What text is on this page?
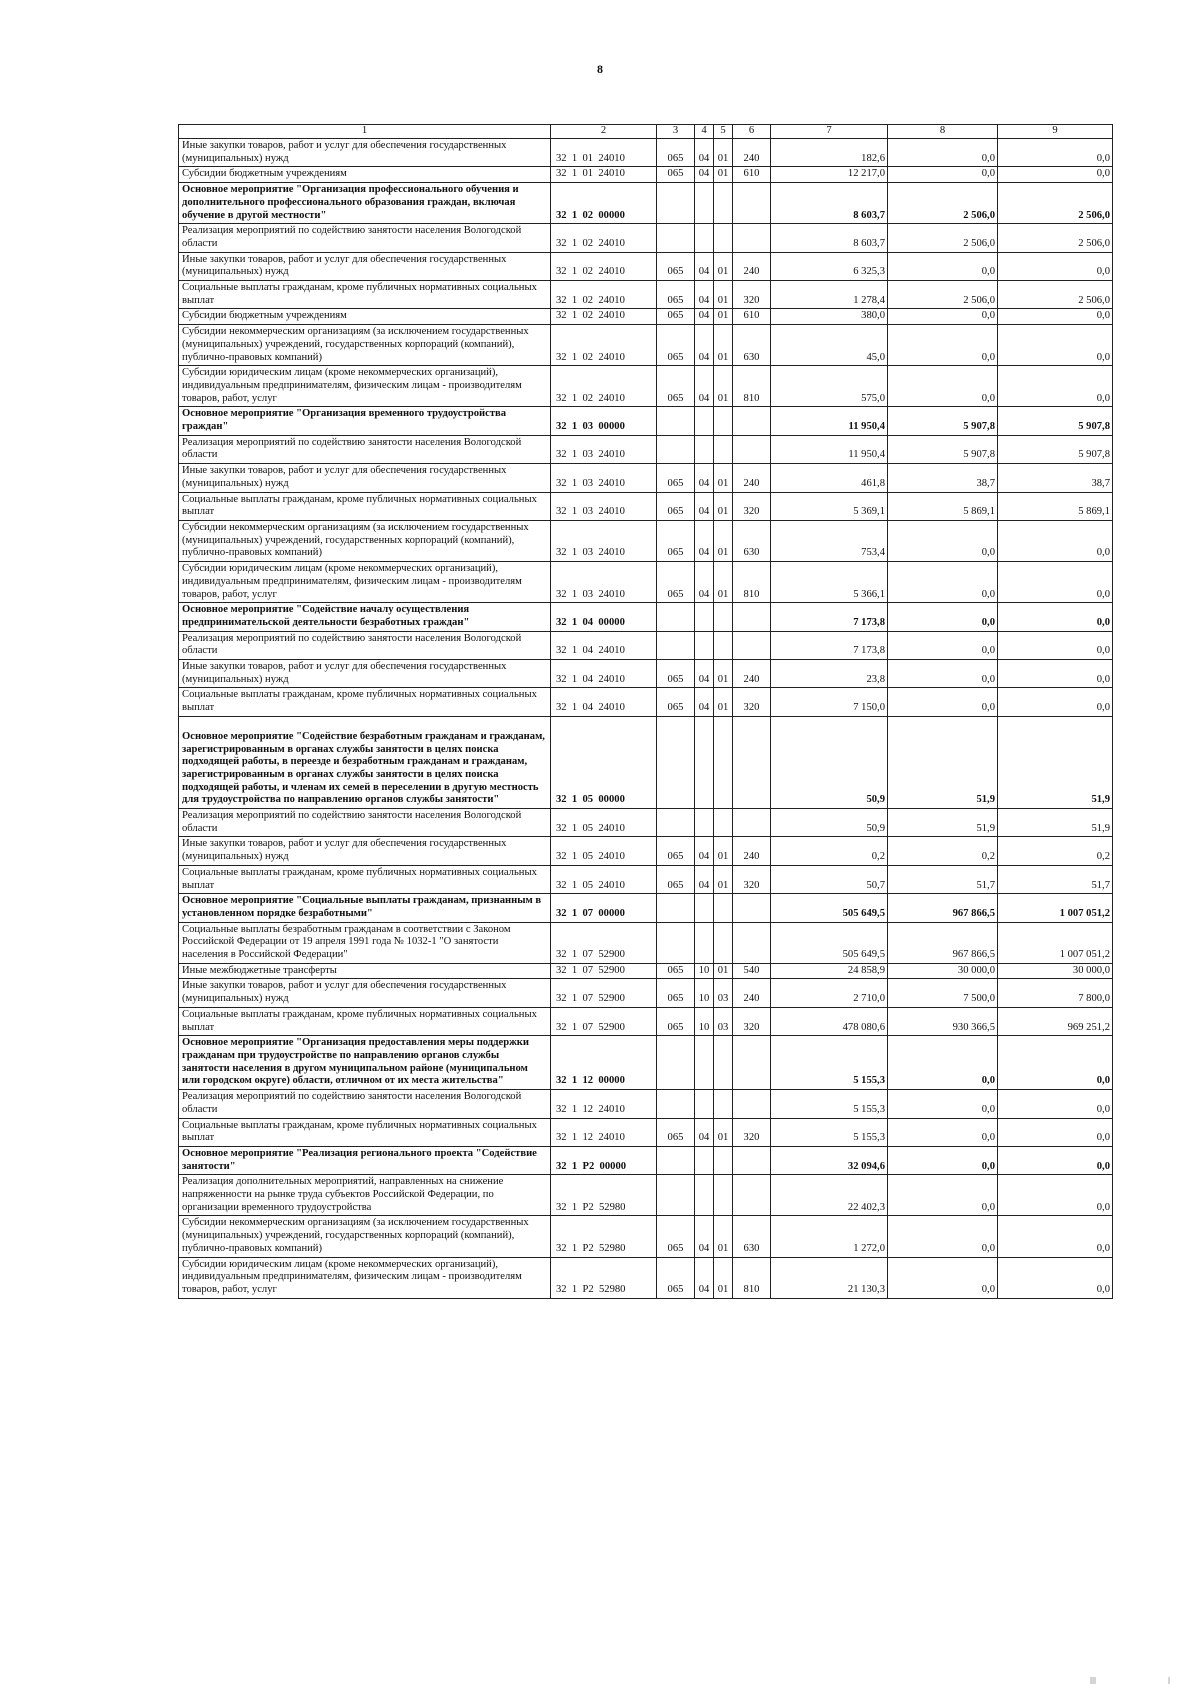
8
1	2	3	4	5	6	7	8	9
Иные закупки товаров, работ и услуг для обеспечения государственных (муниципальных) нужд	32  1  01  24010	065	04	01	240	182,6	0,0	0,0
Субсидии бюджетным учреждениям	32  1  01  24010	065	04	01	610	12 217,0	0,0	0,0
Основное мероприятие "Организация профессионального обучения и дополнительного профессионального образования граждан, включая обучение в другой местности"	32  1  02  00000					8 603,7	2 506,0	2 506,0
Реализация мероприятий по содействию занятости населения Вологодской области	32  1  02  24010					8 603,7	2 506,0	2 506,0
Иные закупки товаров, работ и услуг для обеспечения государственных (муниципальных) нужд	32  1  02  24010	065	04	01	240	6 325,3	0,0	0,0
Социальные выплаты гражданам, кроме публичных нормативных социальных выплат	32  1  02  24010	065	04	01	320	1 278,4	2 506,0	2 506,0
Субсидии бюджетным учреждениям	32  1  02  24010	065	04	01	610	380,0	0,0	0,0
Субсидии некоммерческим организациям (за исключением государственных (муниципальных) учреждений, государственных корпораций (компаний), публично-правовых компаний)	32  1  02  24010	065	04	01	630	45,0	0,0	0,0
Субсидии юридическим лицам (кроме некоммерческих организаций), индивидуальным предпринимателям, физическим лицам - производителям товаров, работ, услуг	32  1  02  24010	065	04	01	810	575,0	0,0	0,0
Основное мероприятие "Организация временного трудоустройства граждан"	32  1  03  00000					11 950,4	5 907,8	5 907,8
Реализация мероприятий по содействию занятости населения Вологодской области	32  1  03  24010					11 950,4	5 907,8	5 907,8
Иные закупки товаров, работ и услуг для обеспечения государственных (муниципальных) нужд	32  1  03  24010	065	04	01	240	461,8	38,7	38,7
Социальные выплаты гражданам, кроме публичных нормативных социальных выплат	32  1  03  24010	065	04	01	320	5 369,1	5 869,1	5 869,1
Субсидии некоммерческим организациям (за исключением государственных (муниципальных) учреждений, государственных корпораций (компаний), публично-правовых компаний)	32  1  03  24010	065	04	01	630	753,4	0,0	0,0
Субсидии юридическим лицам (кроме некоммерческих организаций), индивидуальным предпринимателям, физическим лицам - производителям товаров, работ, услуг	32  1  03  24010	065	04	01	810	5 366,1	0,0	0,0
Основное мероприятие "Содействие началу осуществления предпринимательской деятельности безработных граждан"	32  1  04  00000					7 173,8	0,0	0,0
Реализация мероприятий по содействию занятости населения Вологодской области	32  1  04  24010					7 173,8	0,0	0,0
Иные закупки товаров, работ и услуг для обеспечения государственных (муниципальных) нужд	32  1  04  24010	065	04	01	240	23,8	0,0	0,0
Социальные выплаты гражданам, кроме публичных нормативных социальных выплат	32  1  04  24010	065	04	01	320	7 150,0	0,0	0,0
Основное мероприятие "Содействие безработным гражданам и гражданам, зарегистрированным в органах службы занятости в целях поиска подходящей работы, в переезде и безработным гражданам и гражданам, зарегистрированным в органах службы занятости в целях поиска подходящей работы, и членам их семей в переселении в другую местность для трудоустройства по направлению органов службы занятости"	32  1  05  00000					50,9	51,9	51,9
Реализация мероприятий по содействию занятости населения Вологодской области	32  1  05  24010					50,9	51,9	51,9
Иные закупки товаров, работ и услуг для обеспечения государственных (муниципальных) нужд	32  1  05  24010	065	04	01	240	0,2	0,2	0,2
Социальные выплаты гражданам, кроме публичных нормативных социальных выплат	32  1  05  24010	065	04	01	320	50,7	51,7	51,7
Основное мероприятие "Социальные выплаты гражданам, признанным в установленном порядке безработными"	32  1  07  00000					505 649,5	967 866,5	1 007 051,2
Социальные выплаты безработным гражданам в соответствии с Законом Российской Федерации от 19 апреля 1991 года № 1032-1 "О занятости населения в Российской Федерации"	32  1  07  52900					505 649,5	967 866,5	1 007 051,2
Иные межбюджетные трансферты	32  1  07  52900	065	10	01	540	24 858,9	30 000,0	30 000,0
Иные закупки товаров, работ и услуг для обеспечения государственных (муниципальных) нужд	32  1  07  52900	065	10	03	240	2 710,0	7 500,0	7 800,0
Социальные выплаты гражданам, кроме публичных нормативных социальных выплат	32  1  07  52900	065	10	03	320	478 080,6	930 366,5	969 251,2
Основное мероприятие "Организация предоставления меры поддержки гражданам при трудоустройстве по направлению органов службы занятости населения в другом муниципальном районе (муниципальном или городском округе) области, отличном от их места жительства"	32  1  12  00000					5 155,3	0,0	0,0
Реализация мероприятий по содействию занятости населения Вологодской области	32  1  12  24010					5 155,3	0,0	0,0
Социальные выплаты гражданам, кроме публичных нормативных социальных выплат	32  1  12  24010	065	04	01	320	5 155,3	0,0	0,0
Основное мероприятие "Реализация регионального проекта "Содействие занятости"	32  1  P2  00000					32 094,6	0,0	0,0
Реализация дополнительных мероприятий, направленных на снижение напряженности на рынке труда субъектов Российской Федерации, по организации временного трудоустройства	32  1  P2  52980					22 402,3	0,0	0,0
Субсидии некоммерческим организациям (за исключением государственных (муниципальных) учреждений, государственных корпораций (компаний), публично-правовых компаний)	32  1  P2  52980	065	04	01	630	1 272,0	0,0	0,0
Субсидии юридическим лицам (кроме некоммерческих организаций), индивидуальным предпринимателям, физическим лицам - производителям товаров, работ, услуг	32  1  P2  52980	065	04	01	810	21 130,3	0,0	0,0
ǀǀǀ	ǀ
